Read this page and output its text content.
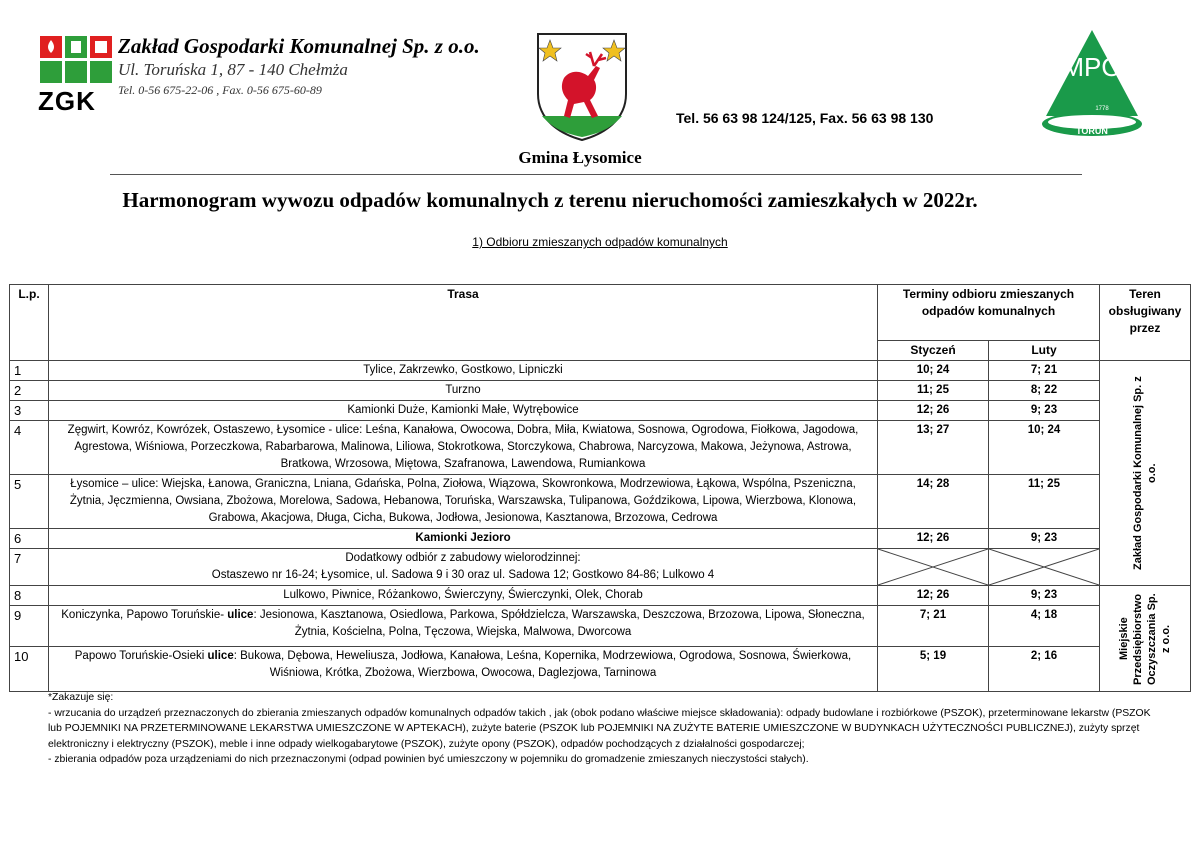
ZGK
Zakład Gospodarki Komunalnej Sp. z o.o.
Ul. Toruńska 1, 87 - 140 Chełmża
Tel. 0-56 675-22-06 , Fax. 0-56 675-60-89
Tel. 56 63 98 124/125, Fax. 56 63 98 130
MPO
1778
TORUŃ
Gmina Łysomice
Harmonogram wywozu odpadów komunalnych z terenu nieruchomości zamieszkałych w 2022r.
1) Odbioru zmieszanych odpadów komunalnych
L.p.	Trasa	Terminy odbioru zmieszanych odpadów komunalnych		Teren obsługiwany przez
		Styczeń	Luty	
1	Tylice, Zakrzewko, Gostkowo, Lipniczki	10; 24	7; 21	Zakład Gospodarki Komunalnej Sp. z o.o.

2	Turzno	11; 25	8; 22	
3	Kamionki Duże, Kamionki Małe, Wytrębowice	12; 26	9; 23	
4	Zęgwirt, Kowróz, Kowrózek, Ostaszewo, Łysomice - ulice: Leśna, Kanałowa, Owocowa, Dobra, Miła, Kwiatowa, Sosnowa, Ogrodowa, Fiołkowa, Jagodowa, Agrestowa, Wiśniowa, Porzeczkowa, Rabarbarowa, Malinowa, Liliowa, Stokrotkowa, Storczykowa, Chabrowa, Narcyzowa, Makowa, Jeżynowa, Astrowa, Bratkowa, Wrzosowa, Miętowa, Szafranowa, Lawendowa, Rumiankowa	13; 27	10; 24	
5	Łysomice – ulice: Wiejska, Łanowa, Graniczna, Lniana, Gdańska, Polna, Ziołowa, Wiązowa, Skowronkowa, Modrzewiowa, Łąkowa, Wspólna, Pszeniczna, Żytnia, Jęczmienna, Owsiana, Zbożowa, Morelowa, Sadowa, Hebanowa, Toruńska, Warszawska, Tulipanowa, Goździkowa, Lipowa, Wierzbowa, Klonowa, Grabowa, Akacjowa, Długa, Cicha, Bukowa, Jodłowa, Jesionowa, Kasztanowa, Brzozowa, Cedrowa	14; 28	11; 25	
6	Kamionki Jezioro	12; 26	9; 23	
7	Dodatkowy odbiór z zabudowy wielorodzinnej:
Ostaszewo nr 16-24; Łysomice, ul. Sadowa 9 i 30 oraz ul. Sadowa 12; Gostkowo 84-86; Lulkowo 4

8	Lulkowo, Piwnice, Różankowo, Świerczyny, Świerczynki, Olek, Chorab	12; 26	9; 23	Miejskie Przedsiębiorstwo Oczyszczania Sp. z o.o.

9	Koniczynka, Papowo Toruńskie- ulice: Jesionowa, Kasztanowa, Osiedlowa, Parkowa, Spółdzielcza, Warszawska, Deszczowa, Brzozowa, Lipowa, Słoneczna, Żytnia, Kościelna, Polna, Tęczowa, Wiejska, Malwowa, Dworcowa	7; 21	4; 18	
10	Papowo Toruńskie-Osieki ulice: Bukowa, Dębowa, Heweliusza, Jodłowa, Kanałowa, Leśna, Kopernika, Modrzewiowa, Ogrodowa, Sosnowa, Świerkowa, Wiśniowa, Krótka, Zbożowa, Wierzbowa, Owocowa, Daglezjowa, Tarninowa	5; 19	2; 16	
*Zakazuje się:
- wrzucania do urządzeń przeznaczonych do zbierania zmieszanych odpadów komunalnych odpadów takich , jak (obok podano właściwe miejsce składowania): odpady budowlane i rozbiórkowe (PSZOK), przeterminowane lekarstw (PSZOK lub POJEMNIKI NA PRZETERMINOWANE LEKARSTWA UMIESZCZONE W APTEKACH), zużyte baterie (PSZOK lub POJEMNIKI NA ZUŻYTE BATERIE UMIESZCZONE W BUDYNKACH UŻYTECZNOŚCI PUBLICZNEJ), zużyty sprzęt elektroniczny i elektryczny (PSZOK), meble i inne odpady wielkogabarytowe (PSZOK), zużyte opony (PSZOK), odpadów pochodzących z działalności gospodarczej;
- zbierania odpadów poza urządzeniami do nich przeznaczonymi (odpad powinien być umieszczony w pojemniku do gromadzenie zmieszanych nieczystości stałych).
